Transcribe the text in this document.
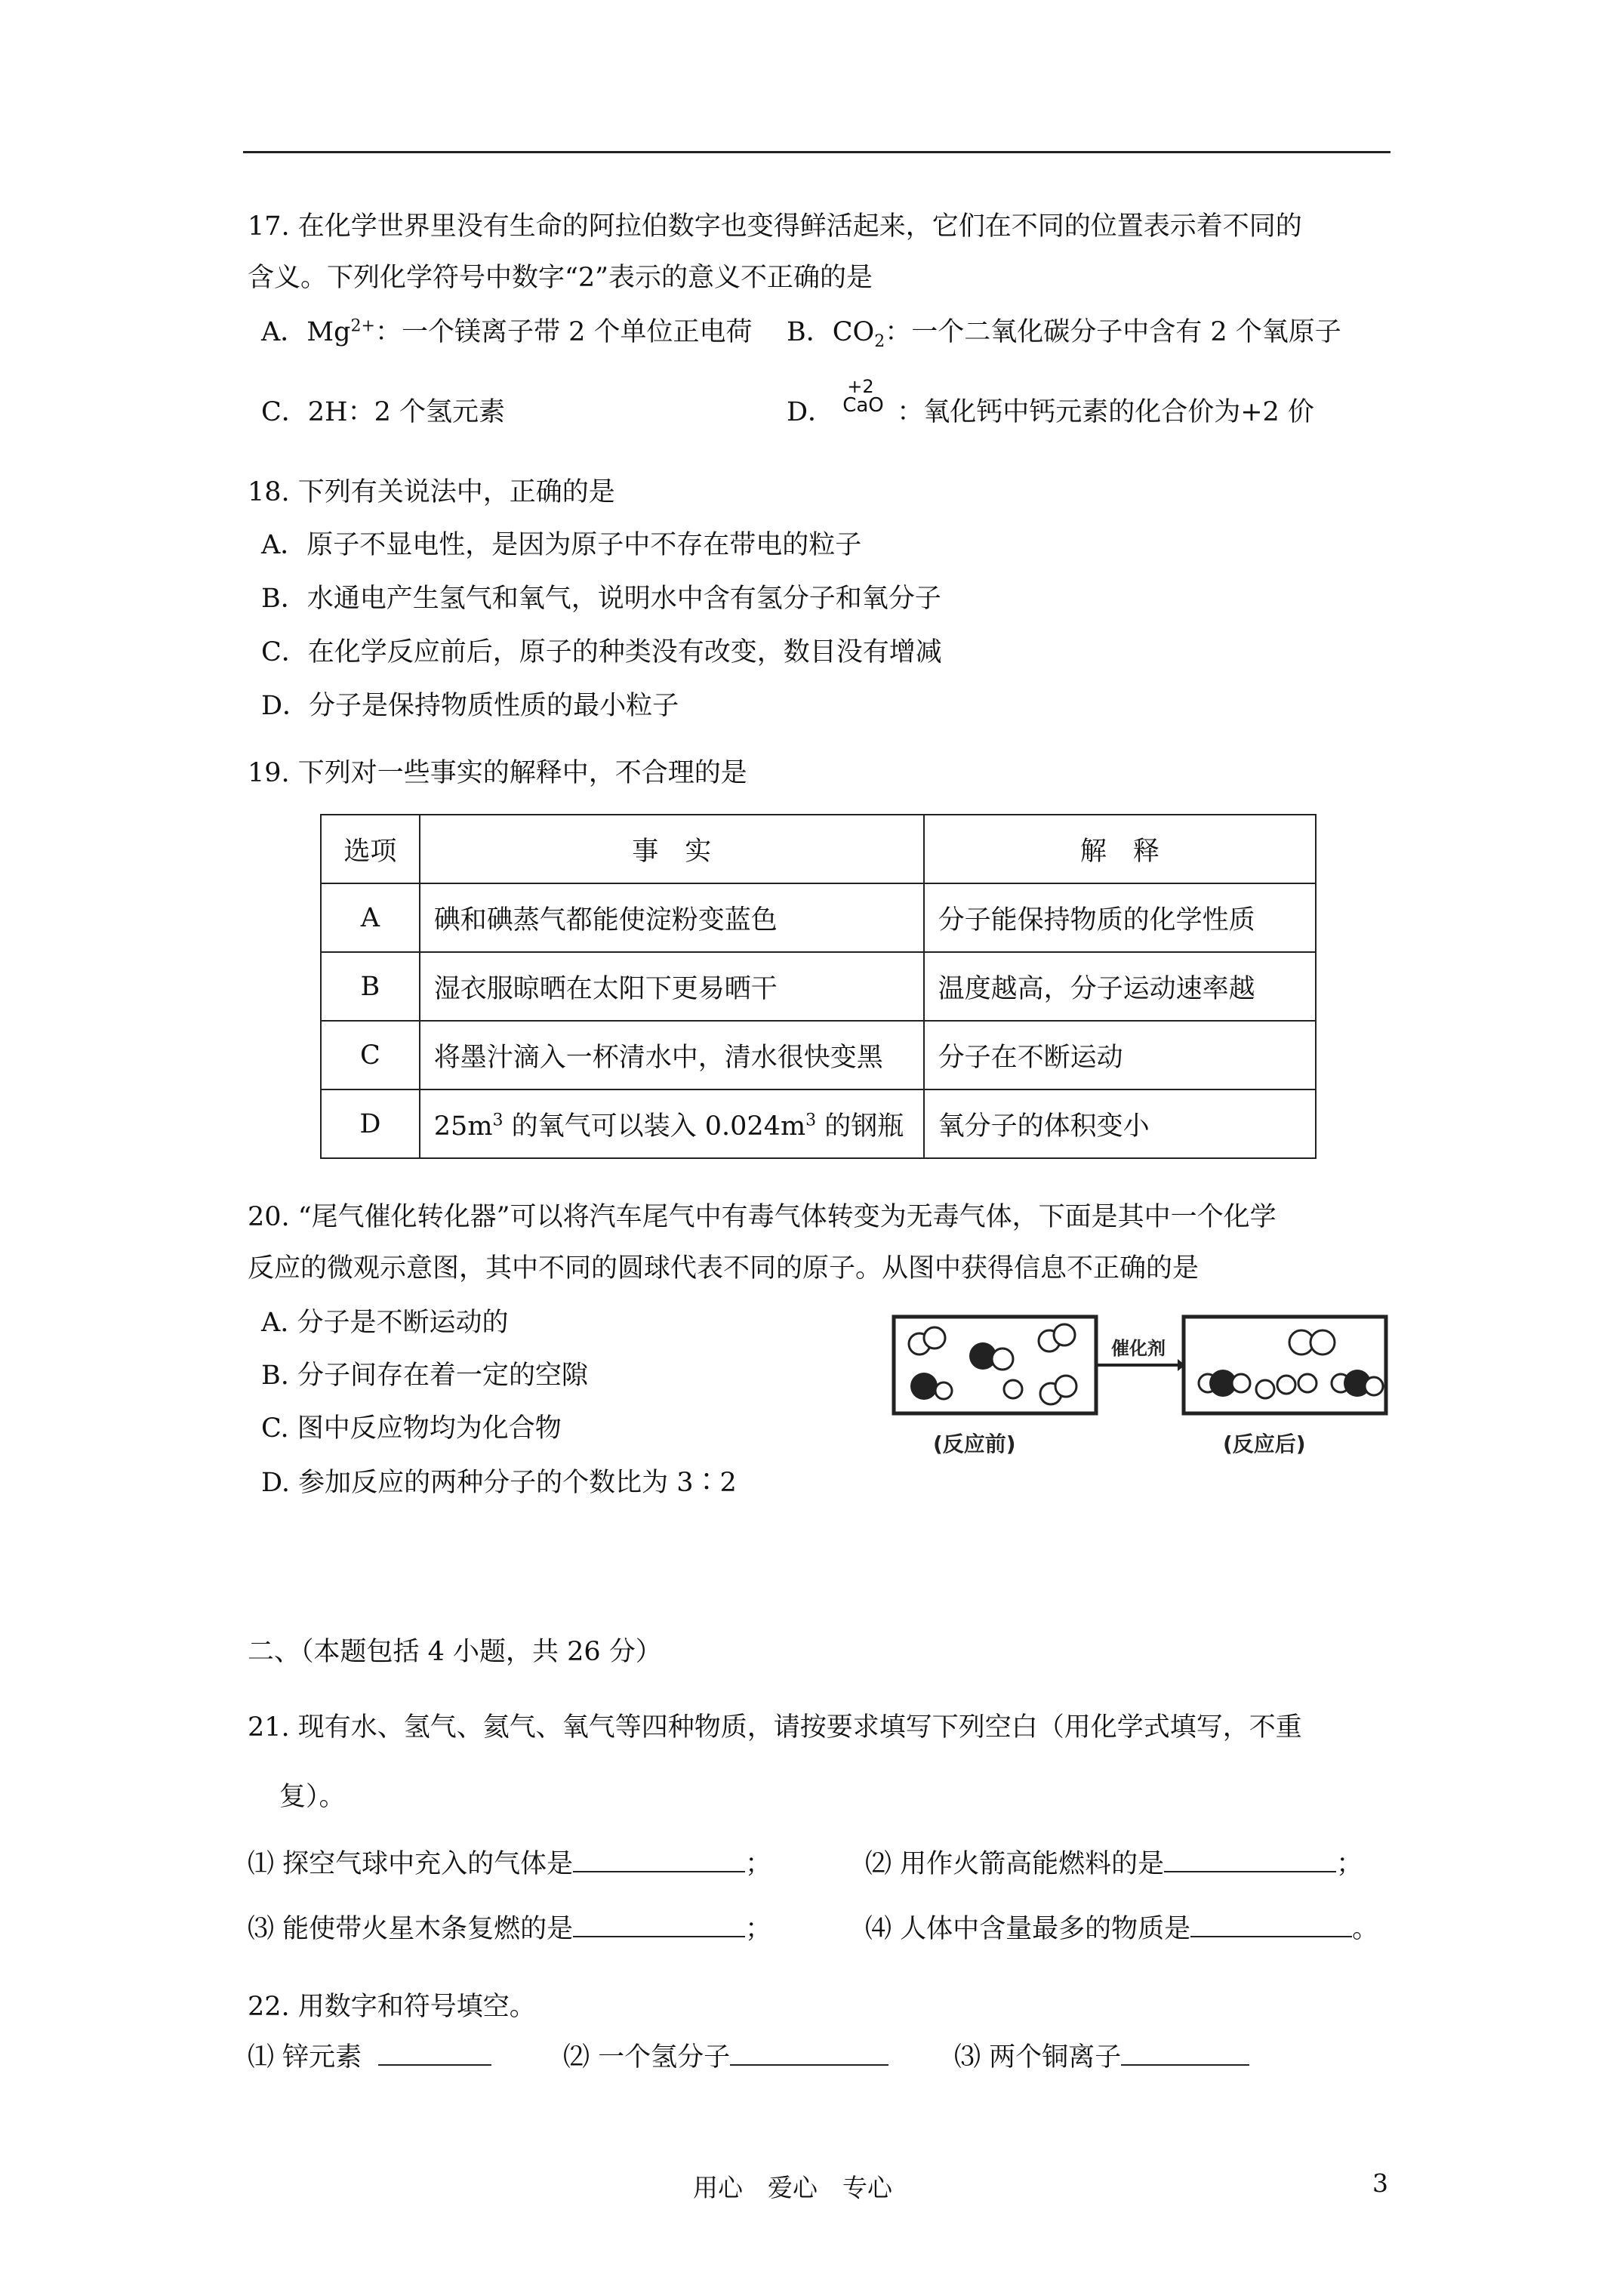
17. 在化学世界里没有生命的阿拉伯数字也变得鲜活起来，它们在不同的位置表示着不同的
含义。下列化学符号中数字“2”表示的意义不正确的是
A．$Mg^{2+}$：一个镁离子带 2 个单位正电荷 B．$CO_2$：一个二氧化碳分子中含有 2 个氧原子
C．2H：2 个氢元素	D．
+2
CaO ：氧化钙中钙元素的化合价为+2 价
18. 下列有关说法中，正确的是
A．原子不显电性，是因为原子中不存在带电的粒子
B．水通电产生氢气和氧气，说明水中含有氢分子和氧分子
C．在化学反应前后，原子的种类没有改变，数目没有增减
D．分子是保持物质性质的最小粒子
19. 下列对一些事实的解释中，不合理的是
选项	事　实	解　释
A	碘和碘蒸气都能使淀粉变蓝色	分子能保持物质的化学性质
B	湿衣服晾晒在太阳下更易晒干	温度越高，分子运动速率越
C	将墨汁滴入一杯清水中，清水很快变黑	分子在不断运动
D	$25m^3$ 的氧气可以装入 $0.024m^3$ 的钢瓶	氧分子的体积变小
20. “尾气催化转化器”可以将汽车尾气中有毒气体转变为无毒气体，下面是其中一个化学
反应的微观示意图，其中不同的圆球代表不同的原子。从图中获得信息不正确的是
A. 分子是不断运动的
B. 分子间存在着一定的空隙
C. 图中反应物均为化合物
D. 参加反应的两种分子的个数比为 3∶2
催化剂
(反应前)	(反应后)
二、（本题包括 4 小题，共 26 分）
21. 现有水、氢气、氦气、氧气等四种物质，请按要求填写下列空白（用化学式填写，不重
复）。
⑴ 探空气球中充入的气体是	；	⑵ 用作火箭高能燃料的是	；
⑶ 能使带火星木条复燃的是	；	⑷ 人体中含量最多的物质是	。
22. 用数字和符号填空。
⑴ 锌元素	⑵ 一个氢分子	⑶ 两个铜离子
用心　爱心　专心	3
